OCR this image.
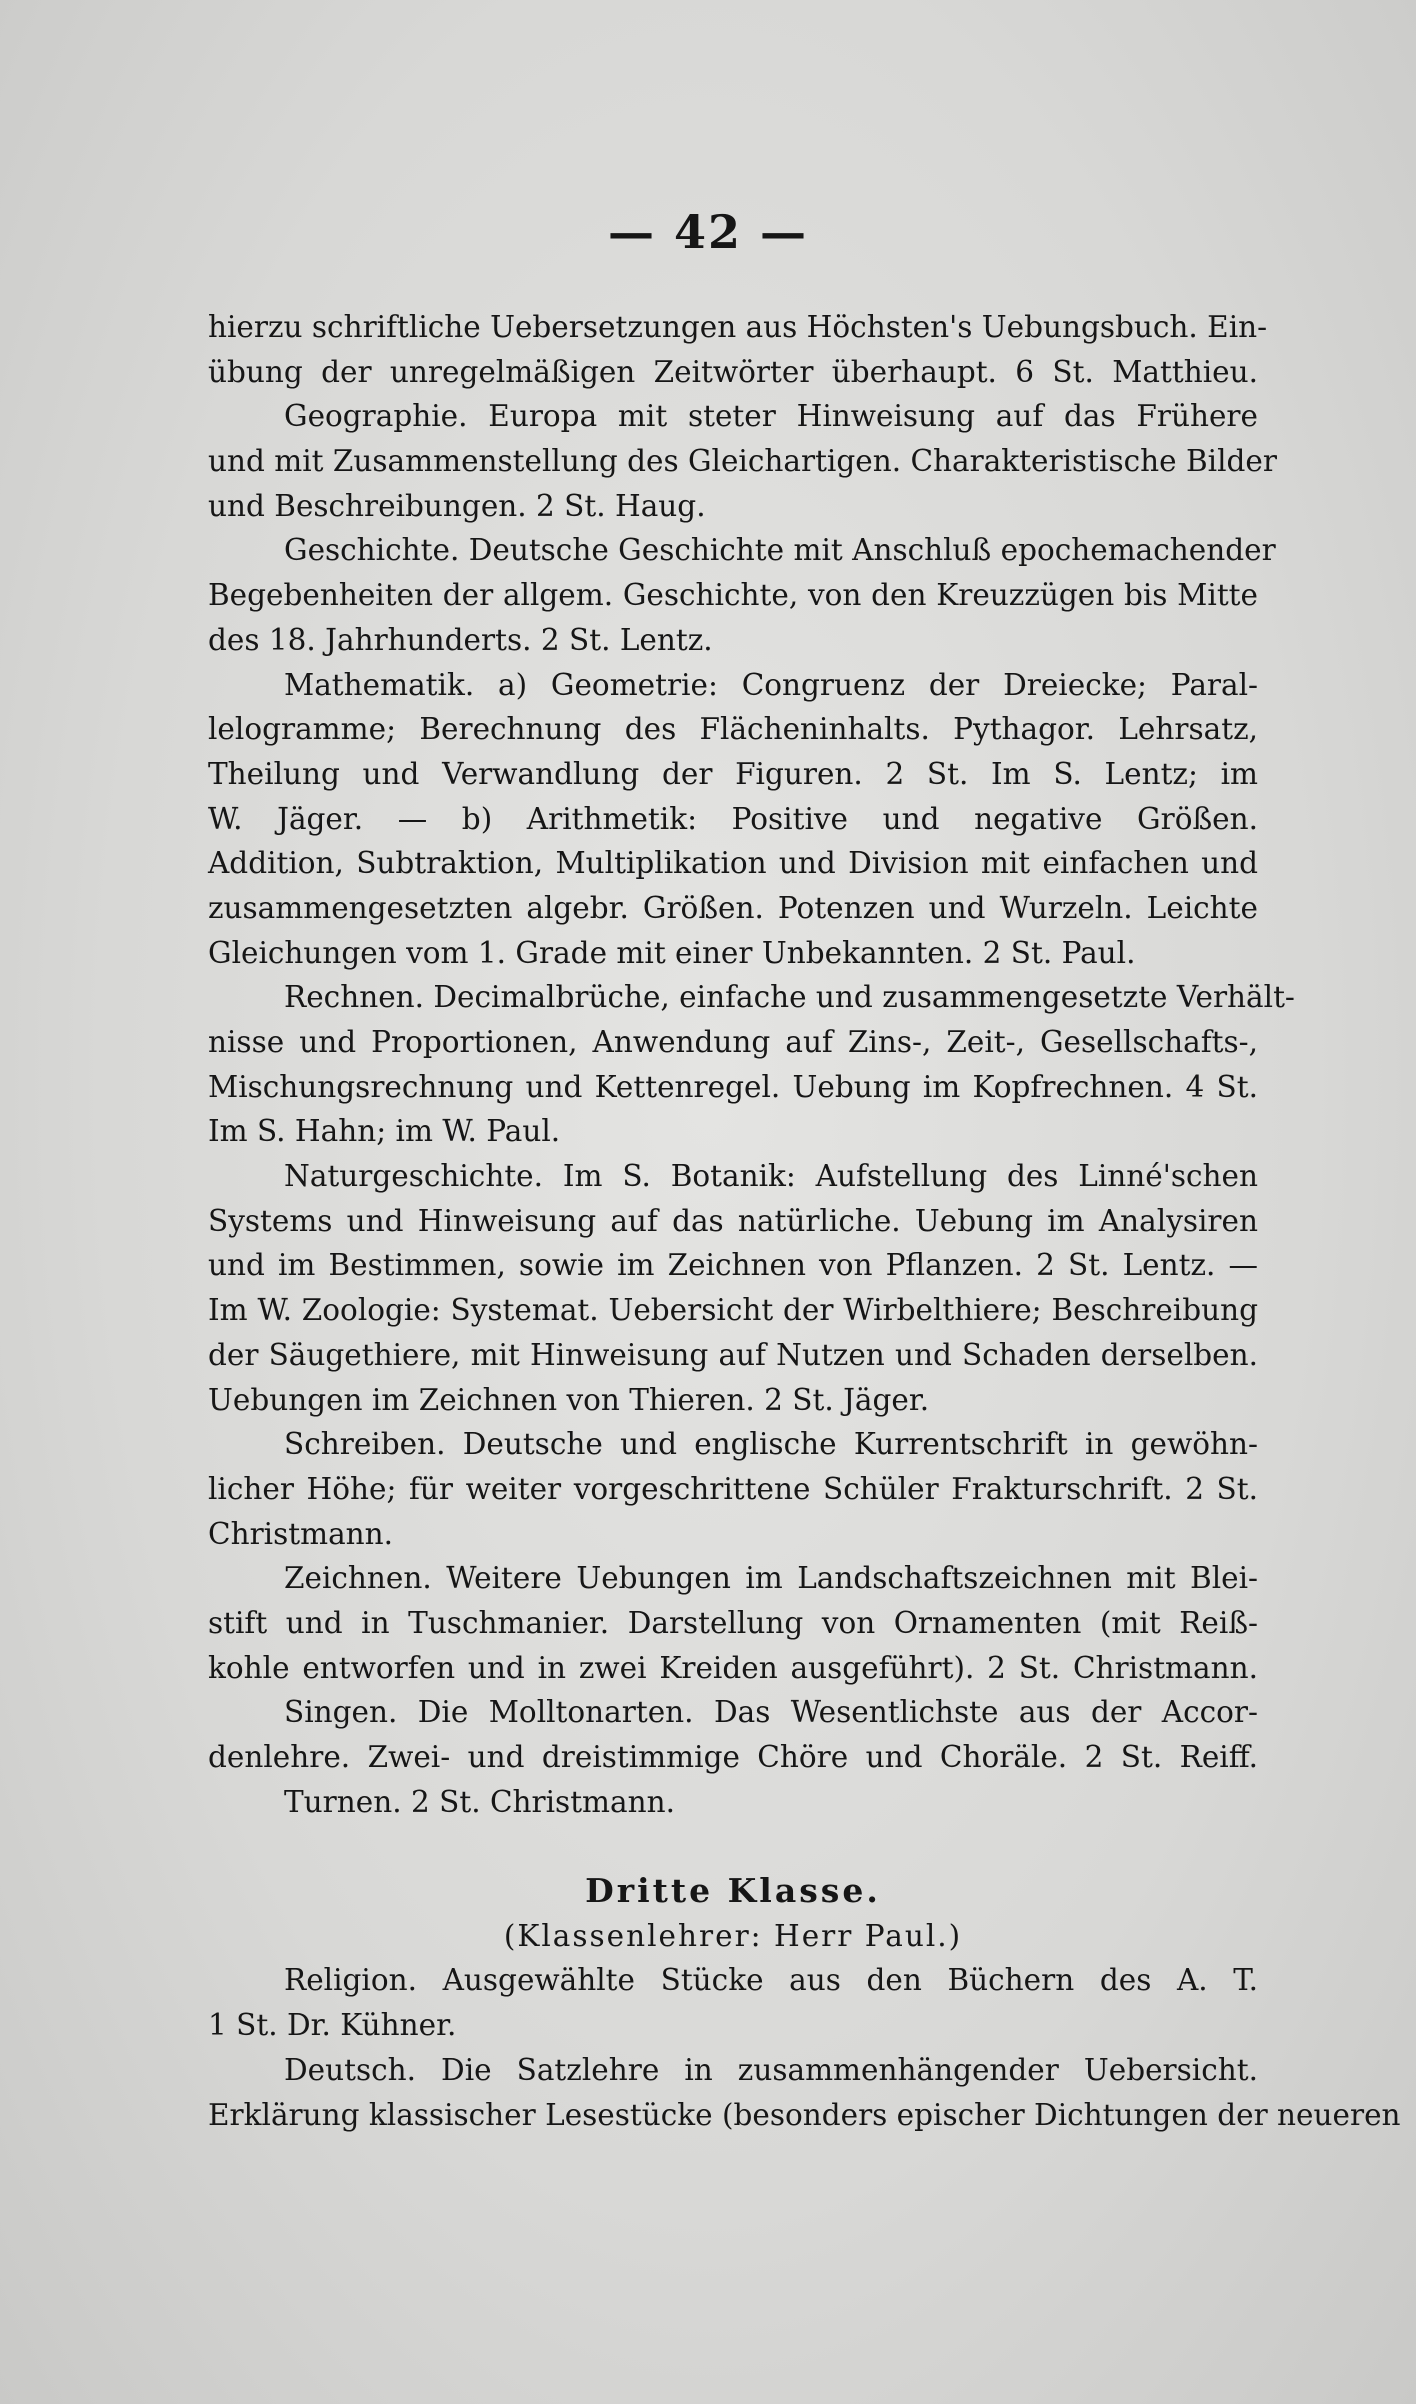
— 42 —
hierzu schriftliche Uebersetzungen aus Höchsten's Uebungsbuch. Ein-
übung der unregelmäßigen Zeitwörter überhaupt. 6 St. Matthieu.
Geographie. Europa mit steter Hinweisung auf das Frühere
und mit Zusammenstellung des Gleichartigen. Charakteristische Bilder
und Beschreibungen. 2 St. Haug.
Geschichte. Deutsche Geschichte mit Anschluß epochemachender
Begebenheiten der allgem. Geschichte, von den Kreuzzügen bis Mitte
des 18. Jahrhunderts. 2 St. Lentz.
Mathematik. a) Geometrie: Congruenz der Dreiecke; Paral-
lelogramme; Berechnung des Flächeninhalts. Pythagor. Lehrsatz,
Theilung und Verwandlung der Figuren. 2 St. Im S. Lentz; im
W. Jäger. — b) Arithmetik: Positive und negative Größen.
Addition, Subtraktion, Multiplikation und Division mit einfachen und
zusammengesetzten algebr. Größen. Potenzen und Wurzeln. Leichte
Gleichungen vom 1. Grade mit einer Unbekannten. 2 St. Paul.
Rechnen. Decimalbrüche, einfache und zusammengesetzte Verhält-
nisse und Proportionen, Anwendung auf Zins-, Zeit-, Gesellschafts-,
Mischungsrechnung und Kettenregel. Uebung im Kopfrechnen. 4 St.
Im S. Hahn; im W. Paul.
Naturgeschichte. Im S. Botanik: Aufstellung des Linné'schen
Systems und Hinweisung auf das natürliche. Uebung im Analysiren
und im Bestimmen, sowie im Zeichnen von Pflanzen. 2 St. Lentz. —
Im W. Zoologie: Systemat. Uebersicht der Wirbelthiere; Beschreibung
der Säugethiere, mit Hinweisung auf Nutzen und Schaden derselben.
Uebungen im Zeichnen von Thieren. 2 St. Jäger.
Schreiben. Deutsche und englische Kurrentschrift in gewöhn-
licher Höhe; für weiter vorgeschrittene Schüler Frakturschrift. 2 St.
Christmann.
Zeichnen. Weitere Uebungen im Landschaftszeichnen mit Blei-
stift und in Tuschmanier. Darstellung von Ornamenten (mit Reiß-
kohle entworfen und in zwei Kreiden ausgeführt). 2 St. Christmann.
Singen. Die Molltonarten. Das Wesentlichste aus der Accor-
denlehre. Zwei- und dreistimmige Chöre und Choräle. 2 St. Reiff.
Turnen. 2 St. Christmann.
Dritte Klasse.
(Klassenlehrer: Herr Paul.)
Religion. Ausgewählte Stücke aus den Büchern des A. T.
1 St. Dr. Kühner.
Deutsch. Die Satzlehre in zusammenhängender Uebersicht.
Erklärung klassischer Lesestücke (besonders epischer Dichtungen der neueren
